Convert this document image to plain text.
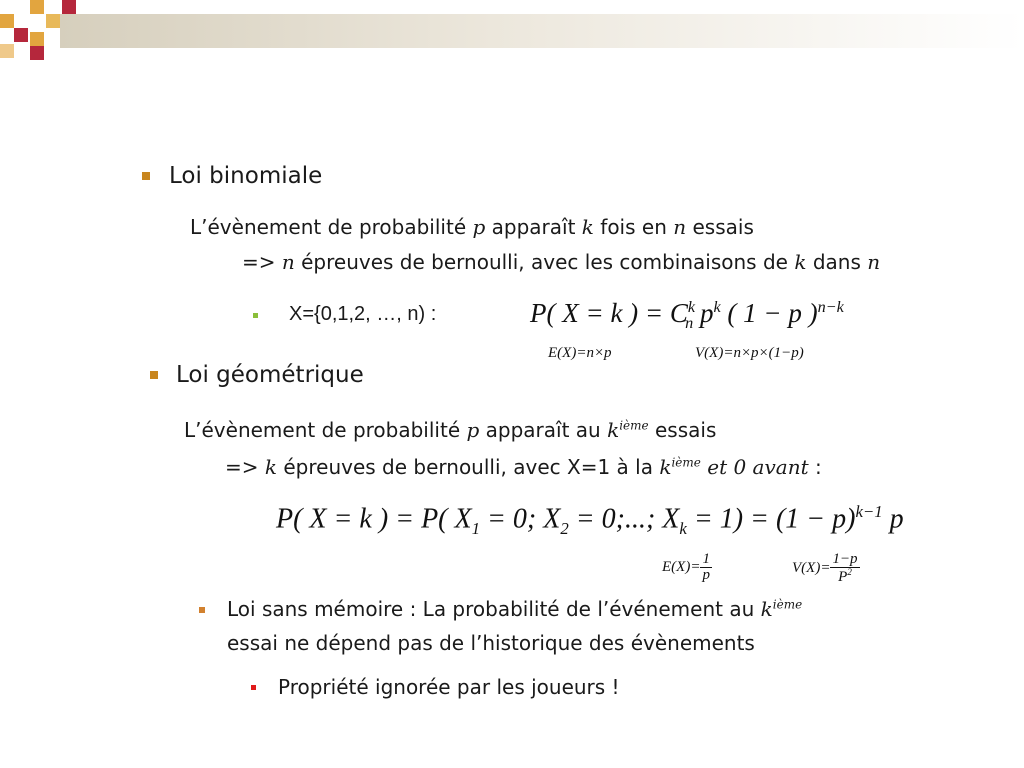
Loi binomiale
L’évènement de probabilité p apparaît k fois en n essais
=> n épreuves de bernoulli, avec les combinaisons de k dans n
X={0,1,2, …, n) :	P( X = k ) = $C^k_n$ $p^k$ ( 1 − p )$^{n-k}$
E(X)=n×p	V(X)=n×p×(1−p)
Loi géométrique
L’évènement de probabilité p apparaît au $k^{ième}$ essais
=> k épreuves de bernoulli, avec X=1 à la $k^{ième}$ et 0 avant :
P( X = k ) = P( $X_1 = 0$; $X_2 = 0$;...; $X_k = 1) = (1 - p)^{k-1}$ p
$E(X)= \frac{1}{p}$	$V(X)= \frac{1-p}{P^2}$
Loi sans mémoire : La probabilité de l’événement au $k^{ième}$
essai ne dépend pas de l’historique des évènements
Propriété ignorée par les joueurs !
